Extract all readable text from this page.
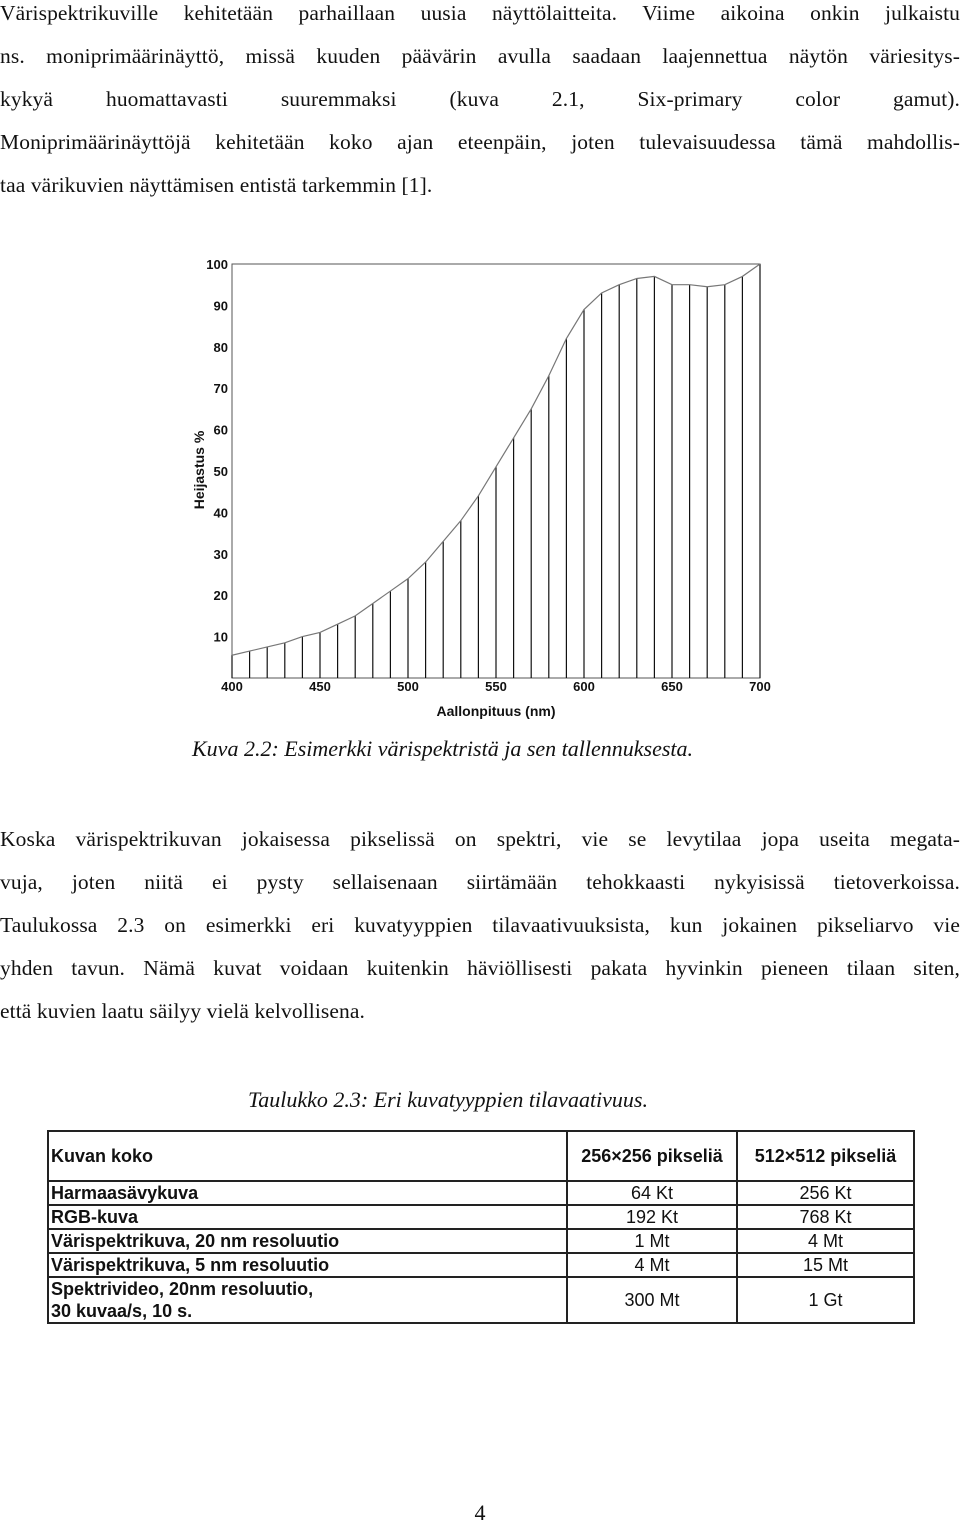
Värispektrikuville kehitetään parhaillaan uusia näyttölaitteita. Viime aikoina onkin julkaistu
ns. moniprimäärinäyttö, missä kuuden päävärin avulla saadaan laajennettua näytön väriesitys-
kykyä huomattavasti suuremmaksi (kuva 2.1, Six-primary color gamut).
Moniprimäärinäyttöjä kehitetään koko ajan eteenpäin, joten tulevaisuudessa tämä mahdollis-
taa värikuvien näyttämisen entistä tarkemmin [1].
10
20
30
40
50
60
70
80
90
100
400	450	500	550	600	650	700
Aallonpituus (nm)
Heijastus %

Kuva 2.2: Esimerkki värispektristä ja sen tallennuksesta.

Koska värispektrikuvan jokaisessa pikselissä on spektri, vie se levytilaa jopa useita megata-
vuja, joten niitä ei pysty sellaisenaan siirtämään tehokkaasti nykyisissä tietoverkoissa.
Taulukossa 2.3 on esimerkki eri kuvatyyppien tilavaativuuksista, kun jokainen pikseliarvo vie
yhden tavun. Nämä kuvat voidaan kuitenkin häviöllisesti pakata hyvinkin pieneen tilaan siten,
että kuvien laatu säilyy vielä kelvollisena.

Taulukko 2.3: Eri kuvatyyppien tilavaativuus.

Kuvan koko	256×256 pikseliä	512×512 pikseliä
Harmaasävykuva	64 Kt	256 Kt
RGB-kuva	192 Kt	768 Kt
Värispektrikuva, 20 nm resoluutio	1 Mt	4 Mt
Värispektrikuva, 5 nm resoluutio	4 Mt	15 Mt
Spektrivideo, 20nm resoluutio,
30 kuvaa/s, 10 s.	300 Mt	1 Gt
4
